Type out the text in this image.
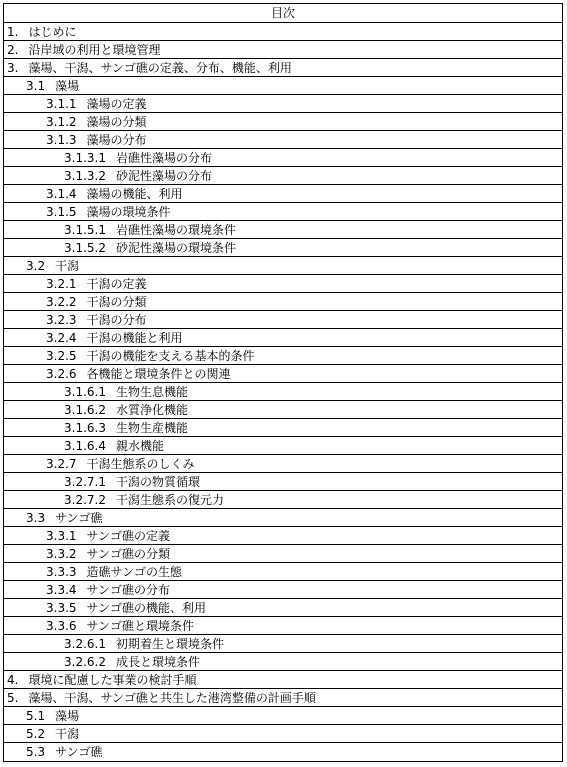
目次
1. はじめに
2. 沿岸域の利用と環境管理
3. 藻場、干潟、サンゴ礁の定義、分布、機能、利用
3.1 藻場
3.1.1 藻場の定義
3.1.2 藻場の分類
3.1.3 藻場の分布
3.1.3.1 岩礁性藻場の分布
3.1.3.2 砂泥性藻場の分布
3.1.4 藻場の機能、利用
3.1.5 藻場の環境条件
3.1.5.1 岩礁性藻場の環境条件
3.1.5.2 砂泥性藻場の環境条件
3.2 干潟
3.2.1 干潟の定義
3.2.2 干潟の分類
3.2.3 干潟の分布
3.2.4 干潟の機能と利用
3.2.5 干潟の機能を支える基本的条件
3.2.6 各機能と環境条件との関連
3.1.6.1 生物生息機能
3.1.6.2 水質浄化機能
3.1.6.3 生物生産機能
3.1.6.4 親水機能
3.2.7 干潟生態系のしくみ
3.2.7.1 干潟の物質循環
3.2.7.2 干潟生態系の復元力
3.3 サンゴ礁
3.3.1 サンゴ礁の定義
3.3.2 サンゴ礁の分類
3.3.3 造礁サンゴの生態
3.3.4 サンゴ礁の分布
3.3.5 サンゴ礁の機能、利用
3.3.6 サンゴ礁と環境条件
3.2.6.1 初期着生と環境条件
3.2.6.2 成長と環境条件
4. 環境に配慮した事業の検討手順
5. 藻場、干潟、サンゴ礁と共生した港湾整備の計画手順
5.1 藻場
5.2 干潟
5.3 サンゴ礁
